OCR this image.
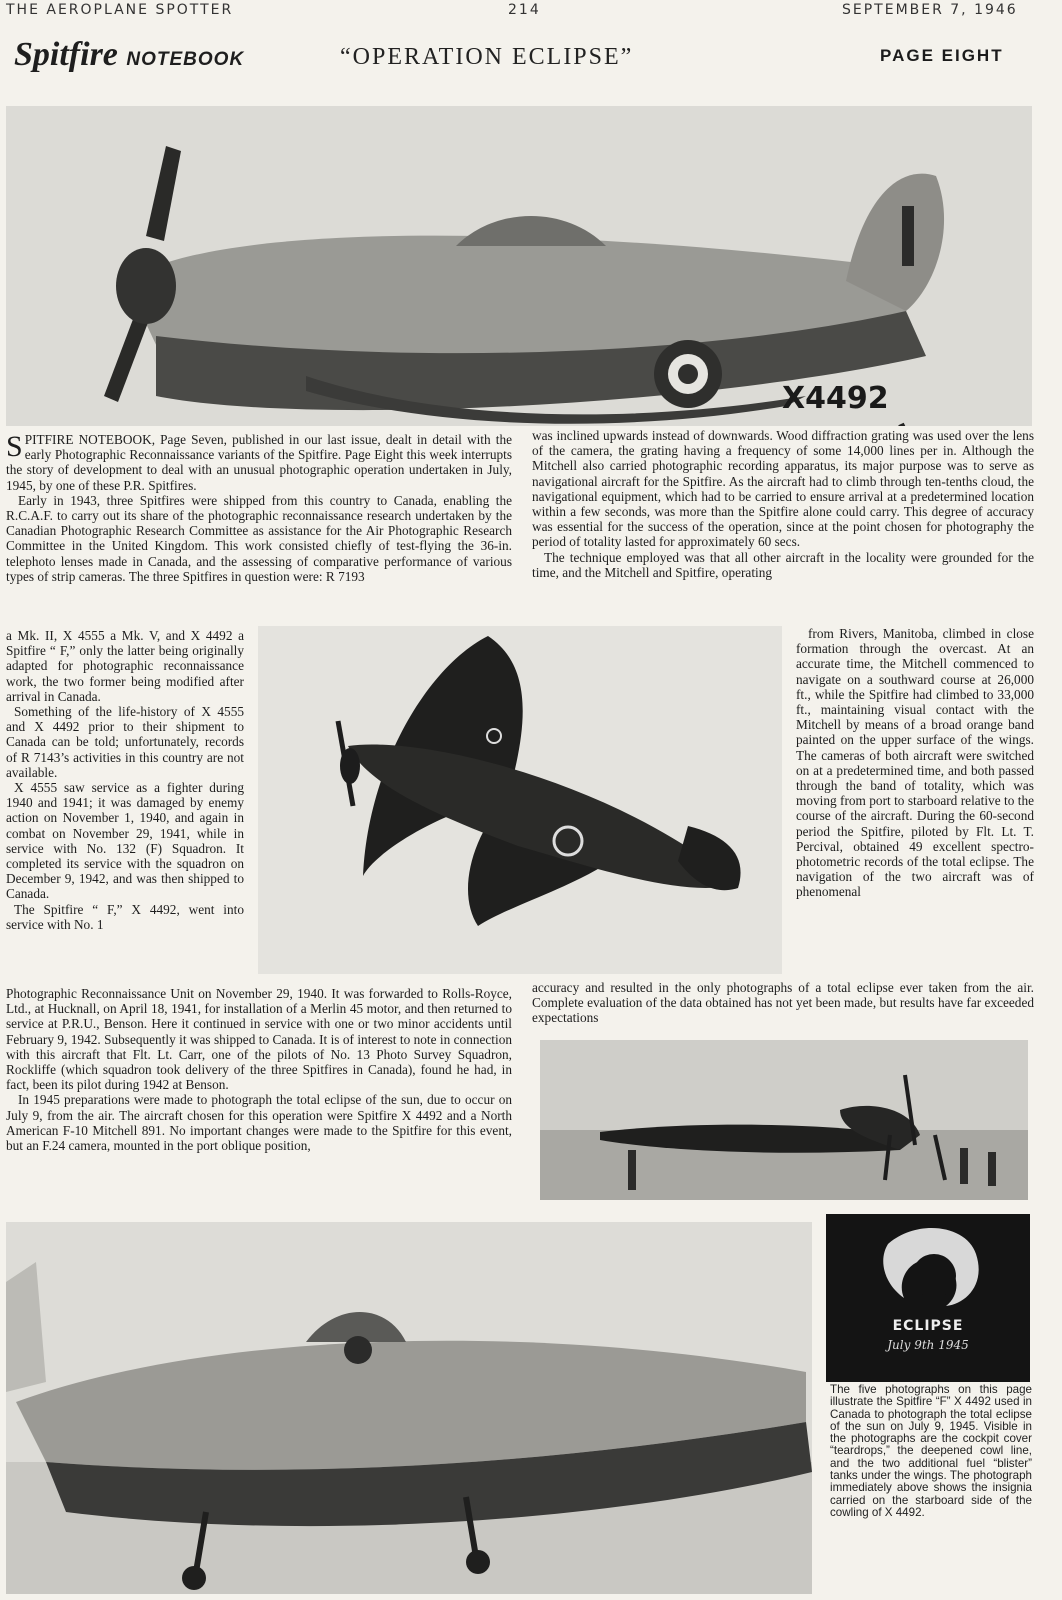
THE AEROPLANE SPOTTER	214	SEPTEMBER 7, 1946
Spitfire NOTEBOOK	“OPERATION ECLIPSE”	PAGE EIGHT
X4492

SPITFIRE NOTEBOOK, Page Seven, published in our last issue, dealt in detail with the early Photographic Reconnaissance variants of the Spitfire. Page Eight this week interrupts the story of development to deal with an unusual photographic operation undertaken in July, 1945, by one of these P.R. Spitfires.

Early in 1943, three Spitfires were shipped from this country to Canada, enabling the R.C.A.F. to carry out its share of the photographic reconnaissance research undertaken by the Canadian Photographic Research Committee as assistance for the Air Photographic Research Committee in the United Kingdom. This work consisted chiefly of test-flying the 36-in. telephoto lenses made in Canada, and the assessing of comparative performance of various types of strip cameras. The three Spitfires in question were: R 7193

a Mk. II, X 4555 a Mk. V, and X 4492 a Spitfire “ F,” only the latter being originally adapted for photographic reconnaissance work, the two former being modified after arrival in Canada.

Something of the life-history of X 4555 and X 4492 prior to their shipment to Canada can be told; unfortunately, records of R 7143’s activities in this country are not available.

X 4555 saw service as a fighter during 1940 and 1941; it was damaged by enemy action on November 1, 1940, and again in combat on November 29, 1941, while in service with No. 132 (F) Squadron. It completed its service with the squadron on December 9, 1942, and was then shipped to Canada.

The Spitfire “ F,” X 4492, went into service with No. 1

Photographic Reconnaissance Unit on November 29, 1940. It was forwarded to Rolls-Royce, Ltd., at Hucknall, on April 18, 1941, for installation of a Merlin 45 motor, and then returned to service at P.R.U., Benson. Here it continued in service with one or two minor accidents until February 9, 1942. Subsequently it was shipped to Canada. It is of interest to note in connection with this aircraft that Flt. Lt. Carr, one of the pilots of No. 13 Photo Survey Squadron, Rockliffe (which squadron took delivery of the three Spitfires in Canada), found he had, in fact, been its pilot during 1942 at Benson.

In 1945 preparations were made to photograph the total eclipse of the sun, due to occur on July 9, from the air. The aircraft chosen for this operation were Spitfire X 4492 and a North American F-10 Mitchell 891. No important changes were made to the Spitfire for this event, but an F.24 camera, mounted in the port oblique position,

was inclined upwards instead of downwards. Wood diffraction grating was used over the lens of the camera, the grating having a frequency of some 14,000 lines per in. Although the Mitchell also carried photographic recording apparatus, its major purpose was to serve as navigational aircraft for the Spitfire. As the aircraft had to climb through ten-tenths cloud, the navigational equipment, which had to be carried to ensure arrival at a predetermined location within a few seconds, was more than the Spitfire alone could carry. This degree of accuracy was essential for the success of the operation, since at the point chosen for photography the period of totality lasted for approximately 60 secs.

The technique employed was that all other aircraft in the locality were grounded for the time, and the Mitchell and Spitfire, operating

from Rivers, Manitoba, climbed in close formation through the overcast. At an accurate time, the Mitchell commenced to navigate on a southward course at 26,000 ft., while the Spitfire had climbed to 33,000 ft., maintaining visual contact with the Mitchell by means of a broad orange band painted on the upper surface of the wings. The cameras of both aircraft were switched on at a predetermined time, and both passed through the band of totality, which was moving from port to starboard relative to the course of the aircraft. During the 60-second period the Spitfire, piloted by Flt. Lt. T. Percival, obtained 49 excellent spectro-photometric records of the total eclipse. The navigation of the two aircraft was of phenomenal

accuracy and resulted in the only photographs of a total eclipse ever taken from the air. Complete evaluation of the data obtained has not yet been made, but results have far exceeded expectations

ECLIPSE
July 9th 1945
The five photographs on this page illustrate the Spitfire “F” X 4492 used in Canada to photograph the total eclipse of the sun on July 9, 1945. Visible in the photographs are the cockpit cover “teardrops,” the deepened cowl line, and the two additional fuel “blister” tanks under the wings. The photograph immediately above shows the insignia carried on the starboard side of the cowling of X 4492.
